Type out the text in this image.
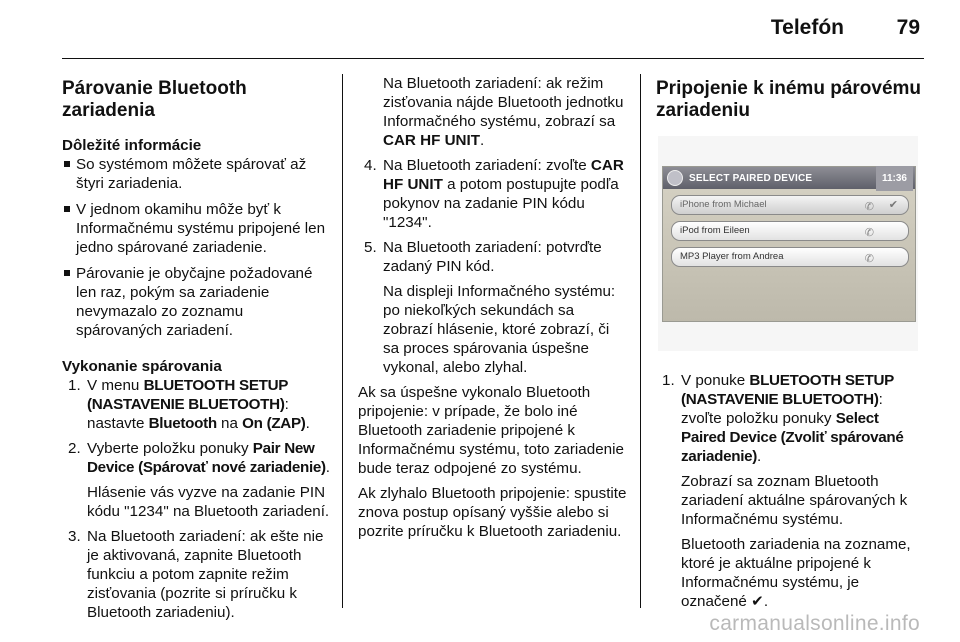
Telefón	79
Párovanie Bluetooth zariadenia
Dôležité informácie
So systémom môžete spárovať až štyri zariadenia.
V jednom okamihu môže byť k Informačnému systému pripojené len jedno spárované zariadenie.
Párovanie je obyčajne požadované len raz, pokým sa zariadenie nevymazalo zo zoznamu spárovaných zariadení.
Vykonanie spárovania
1. V menu BLUETOOTH SETUP (NASTAVENIE BLUETOOTH): nastavte Bluetooth na On (ZAP).
2. Vyberte položku ponuky Pair New Device (Spárovať nové zariadenie).

Hlásenie vás vyzve na zadanie PIN kódu "1234" na Bluetooth zariadení.

3. Na Bluetooth zariadení: ak ešte nie je aktivovaná, zapnite Bluetooth funkciu a potom zapnite režim zisťovania (pozrite si príručku k Bluetooth zariadeniu).

Na Bluetooth zariadení: ak režim zisťovania nájde Bluetooth jednotku Informačného systému, zobrazí sa CAR HF UNIT.

4. Na Bluetooth zariadení: zvoľte CAR HF UNIT a potom postupujte podľa pokynov na zadanie PIN kódu "1234".
5. Na Bluetooth zariadení: potvrďte zadaný PIN kód.

Na displeji Informačného systému: po niekoľkých sekundách sa zobrazí hlásenie, ktoré zobrazí, či sa proces spárovania úspešne vykonal, alebo zlyhal.

Ak sa úspešne vykonalo Bluetooth pripojenie: v prípade, že bolo iné Bluetooth zariadenie pripojené k Informačnému systému, toto zariadenie bude teraz odpojené zo systému.

Ak zlyhalo Bluetooth pripojenie: spustite znova postup opísaný vyššie alebo si pozrite príručku k Bluetooth zariadeniu.

Pripojenie k inému párovému zariadeniu
SELECT PAIRED DEVICE	11:36
iPhone from Michael	✆ ✔
iPod from Eileen	✆
MP3 Player from Andrea	✆
1. V ponuke BLUETOOTH SETUP (NASTAVENIE BLUETOOTH): zvoľte položku ponuky Select Paired Device (Zvoliť spárované zariadenie).

Zobrazí sa zoznam Bluetooth zariadení aktuálne spárovaných k Informačnému systému.

Bluetooth zariadenia na zozname, ktoré je aktuálne pripojené k Informačnému systému, je označené ✔.

carmanualsonline.info
